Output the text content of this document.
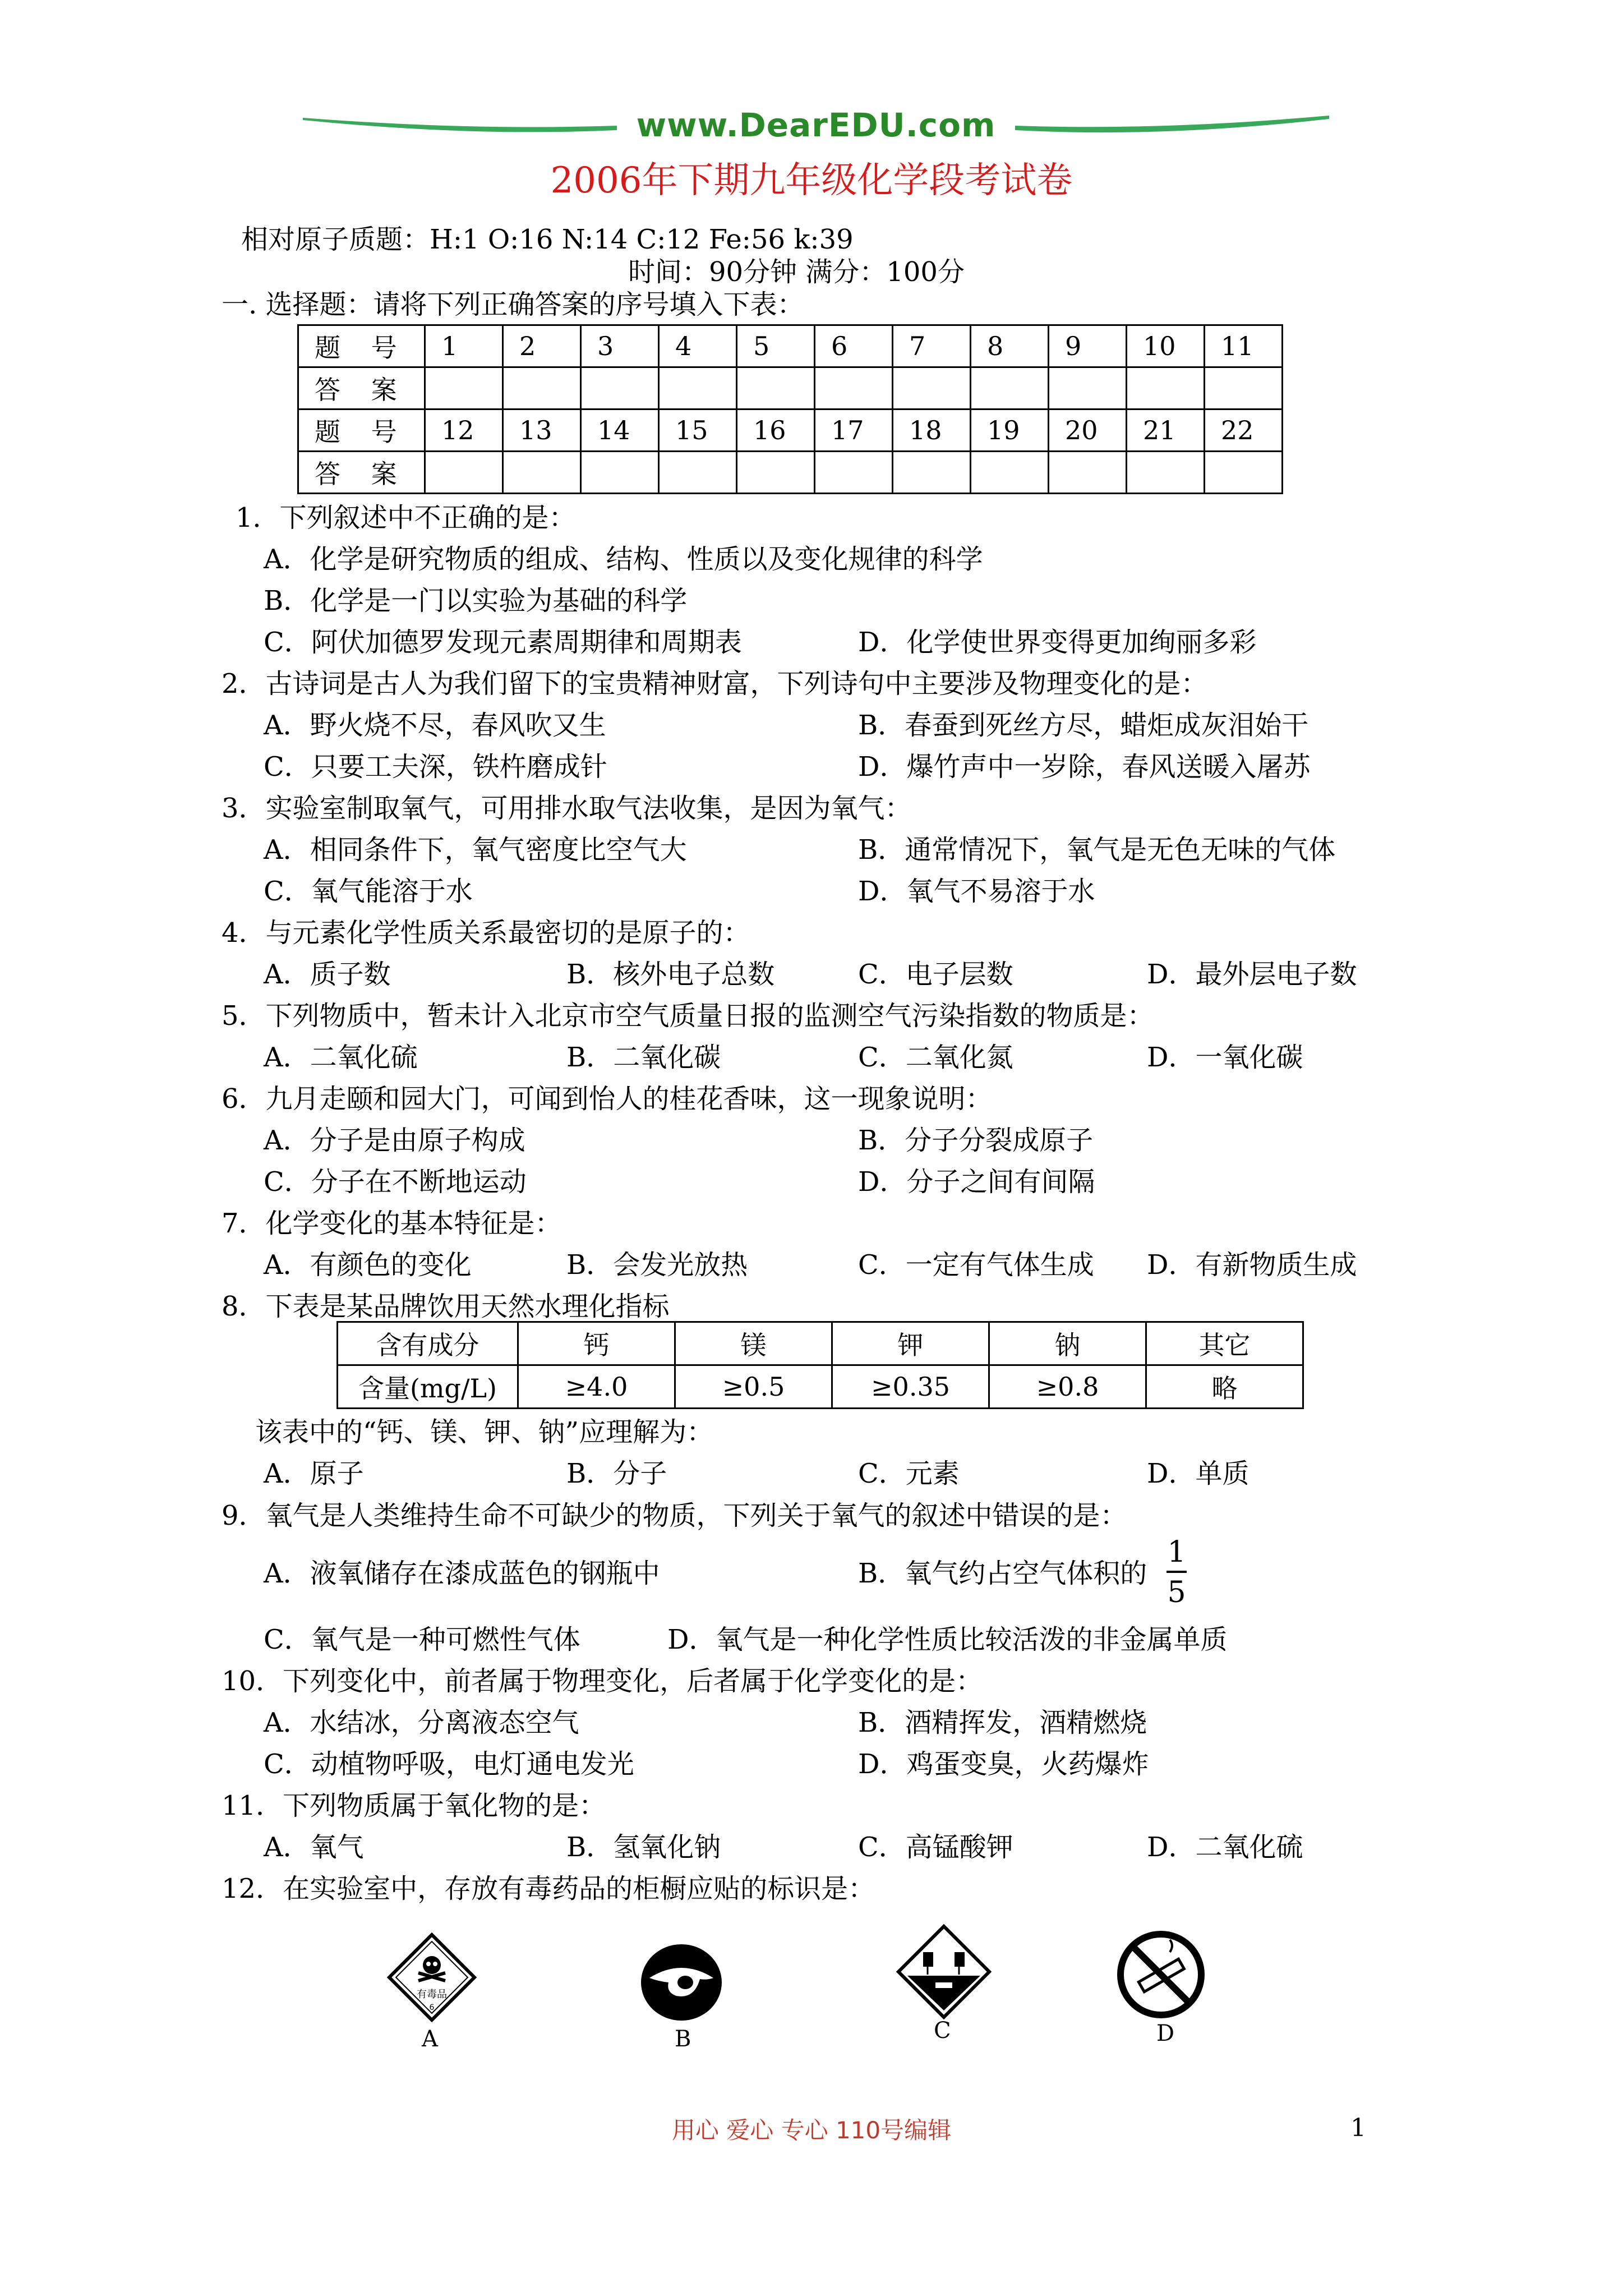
www.DearEDU.com
2006年下期九年级化学段考试卷
相对原子质题：H:1 O:16 N:14 C:12 Fe:56 k:39
时间：90分钟 满分：100分
一. 选择题：请将下列正确答案的序号填入下表：
题 号	1	2	3	4	5	6	7	8	9	10	11
答 案											
题 号	12	13	14	15	16	17	18	19	20	21	22
答 案											
1．下列叙述中不正确的是：
A．化学是研究物质的组成、结构、性质以及变化规律的科学
B．化学是一门以实验为基础的科学
C．阿伏加德罗发现元素周期律和周期表	D．化学使世界变得更加绚丽多彩
2．古诗词是古人为我们留下的宝贵精神财富，下列诗句中主要涉及物理变化的是：
A．野火烧不尽，春风吹又生	B．春蚕到死丝方尽，蜡炬成灰泪始干
C．只要工夫深，铁杵磨成针	D．爆竹声中一岁除，春风送暖入屠苏
3．实验室制取氧气，可用排水取气法收集，是因为氧气：
A．相同条件下，氧气密度比空气大	B．通常情况下，氧气是无色无味的气体
C．氧气能溶于水	D．氧气不易溶于水
4．与元素化学性质关系最密切的是原子的：
A．质子数	B．核外电子总数	C．电子层数	D．最外层电子数
5．下列物质中，暂未计入北京市空气质量日报的监测空气污染指数的物质是：
A．二氧化硫	B．二氧化碳	C．二氧化氮	D．一氧化碳
6．九月走颐和园大门，可闻到怡人的桂花香味，这一现象说明：
A．分子是由原子构成	B．分子分裂成原子
C．分子在不断地运动	D．分子之间有间隔
7．化学变化的基本特征是：
A．有颜色的变化	B．会发光放热	C．一定有气体生成 D．有新物质生成
8．下表是某品牌饮用天然水理化指标
含有成分	钙	镁	钾	钠	其它
含量(mg/L)	≥4.0	≥0.5	≥0.35	≥0.8	略
该表中的“钙、镁、钾、钠”应理解为：
A．原子	B．分子	C．元素	D．单质
9．氧气是人类维持生命不可缺少的物质，下列关于氧气的叙述中错误的是：
A．液氧储存在漆成蓝色的钢瓶中	B．氧气约占空气体积的
1
5
C．氧气是一种可燃性气体	D．氧气是一种化学性质比较活泼的非金属单质
10．下列变化中，前者属于物理变化，后者属于化学变化的是：
A．水结冰，分离液态空气	B．酒精挥发，酒精燃烧
C．动植物呼吸，电灯通电发光	D．鸡蛋变臭，火药爆炸
11．下列物质属于氧化物的是：
A．氧气	B．氢氧化钠	C．高锰酸钾	D．二氧化硫
12．在实验室中，存放有毒药品的柜橱应贴的标识是：
有毒品
6
A	B	C	D
用心 爱心 专心 110号编辑	1
